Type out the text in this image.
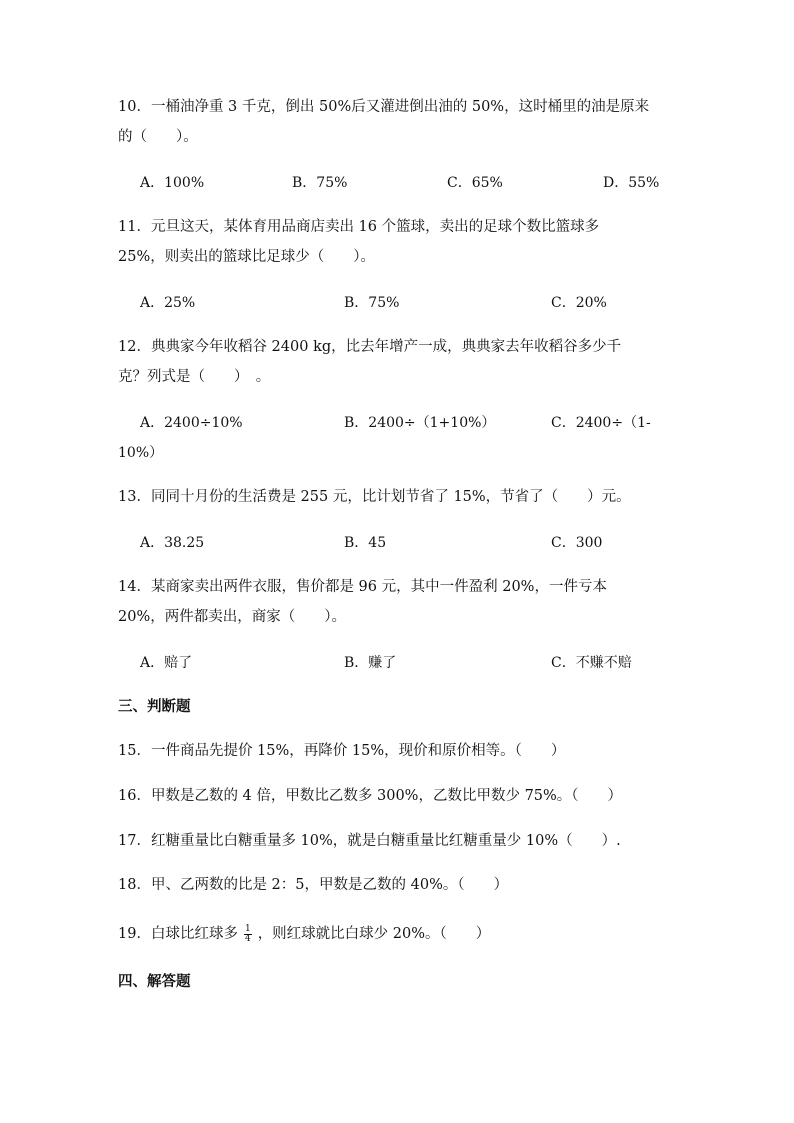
10．一桶油净重 3 千克，倒出 50%后又灌进倒出油的 50%，这时桶里的油是原来
的（　　）。
A．100%	B．75%	C．65%	D．55%
11．元旦这天，某体育用品商店卖出 16 个篮球，卖出的足球个数比篮球多
25%，则卖出的篮球比足球少（　　）。
A．25%	B．75%	C．20%
12．典典家今年收稻谷 2400 kg，比去年增产一成，典典家去年收稻谷多少千
克？列式是（　　）　。
A．2400÷10%	B．2400÷（1+10%）	C．2400÷（1-
10%）
13．同同十月份的生活费是 255 元，比计划节省了 15%，节省了（　　）元。
A．38.25	B．45	C．300
14．某商家卖出两件衣服，售价都是 96 元，其中一件盈利 20%，一件亏本
20%，两件都卖出，商家（　　）。
A．赔了	B．赚了	C．不赚不赔
三、判断题
15．一件商品先提价 15%，再降价 15%，现价和原价相等。（　　）
16．甲数是乙数的 4 倍，甲数比乙数多 300%，乙数比甲数少 75%。（　　）
17．红糖重量比白糖重量多 10%，就是白糖重量比红糖重量少 10%（　　）.
18．甲、乙两数的比是 2：5，甲数是乙数的 40%。（　　）
19．白球比红球多 $\frac{1}{4}$ ，则红球就比白球少 20%。（　　）
四、解答题
